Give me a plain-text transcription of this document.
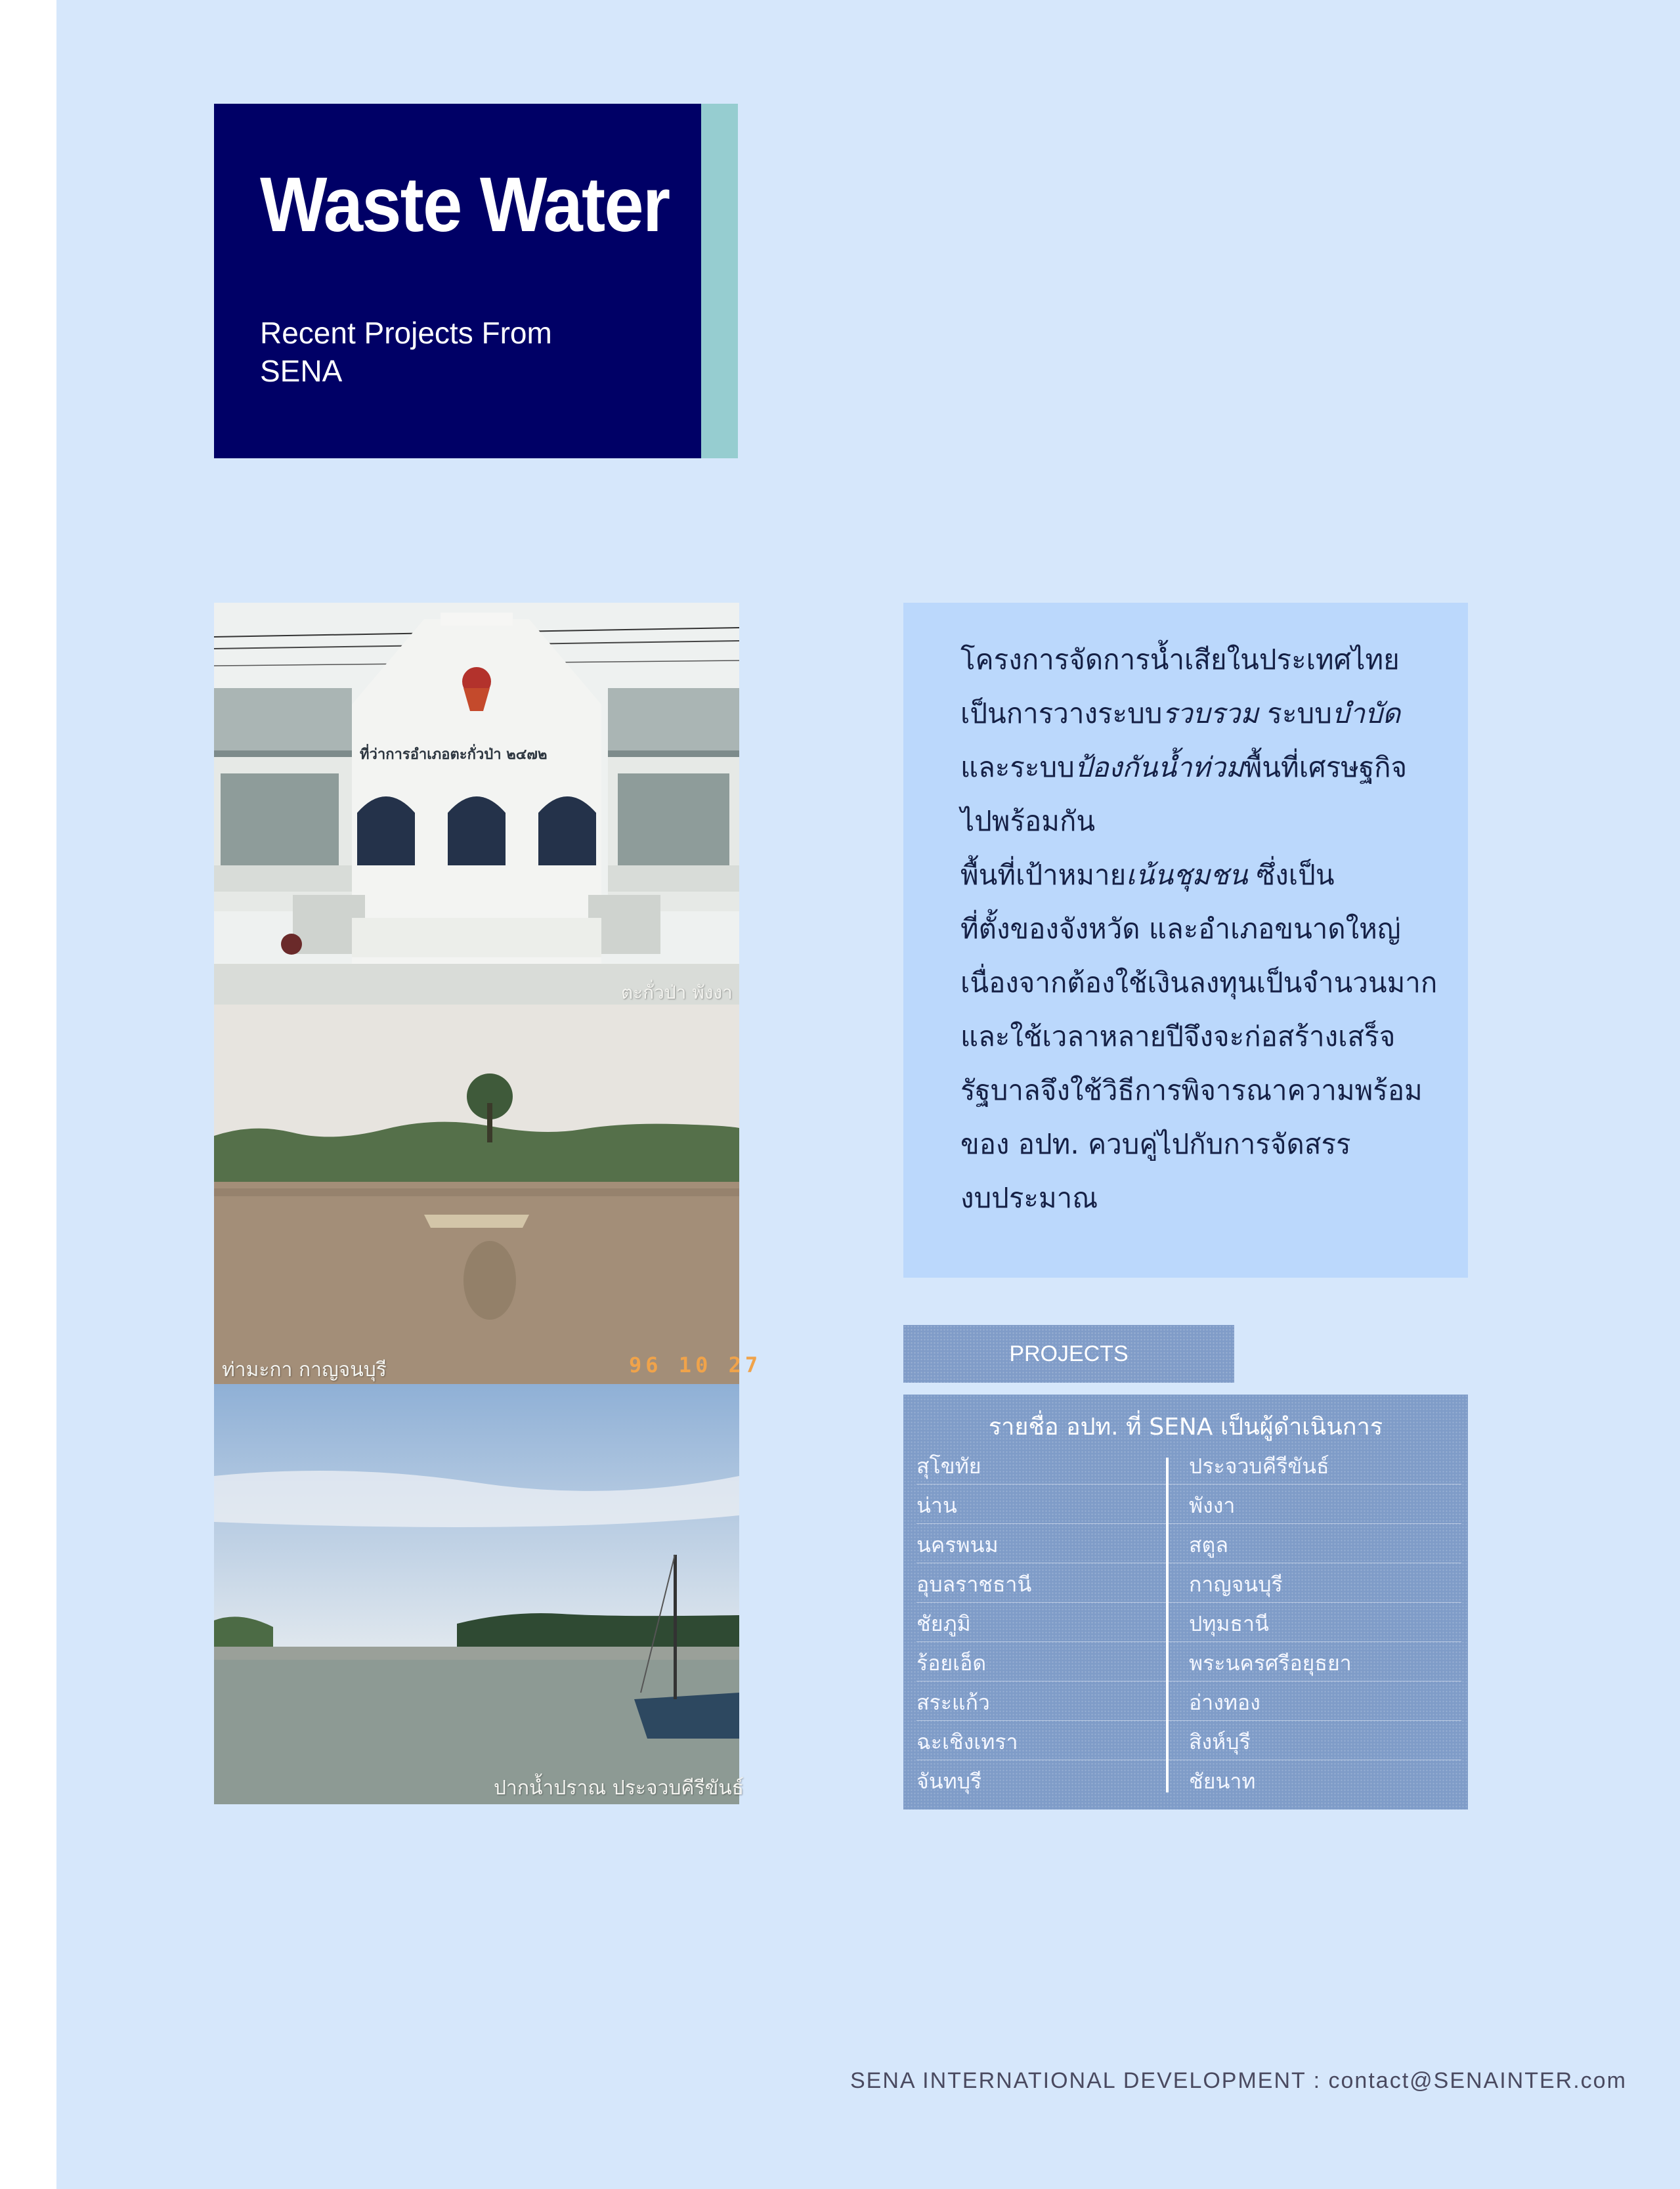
Waste Water

Recent Projects From SENA

ที่ว่าการอำเภอตะกั่วป่า ๒๔๗๒
ตะกั่วป่า พังงา
ท่ามะกา กาญจนบุรี	96 10 27
ปากน้ำปราณ ประจวบคีรีขันธ์

โครงการจัดการน้ำเสียในประเทศไทย

เป็นการวางระบบรวบรวม ระบบบำบัด

และระบบป้องกันน้ำท่วมพื้นที่เศรษฐกิจ

ไปพร้อมกัน

พื้นที่เป้าหมายเน้นชุมชน ซึ่งเป็น

ที่ตั้งของจังหวัด และอำเภอขนาดใหญ่

เนื่องจากต้องใช้เงินลงทุนเป็นจำนวนมาก

และใช้เวลาหลายปีจึงจะก่อสร้างเสร็จ

รัฐบาลจึงใช้วิธีการพิจารณาความพร้อม

ของ อปท. ควบคู่ไปกับการจัดสรร

งบประมาณ

PROJECTS
รายชื่อ อปท. ที่ SENA เป็นผู้ดำเนินการ
สุโขทัย	ประจวบคีรีขันธ์
น่าน	พังงา
นครพนม	สตูล
อุบลราชธานี	กาญจนบุรี
ชัยภูมิ	ปทุมธานี
ร้อยเอ็ด	พระนครศรีอยุธยา
สระแก้ว	อ่างทอง
ฉะเชิงเทรา	สิงห์บุรี
จันทบุรี	ชัยนาท
SENA INTERNATIONAL DEVELOPMENT : contact@SENAINTER.com
